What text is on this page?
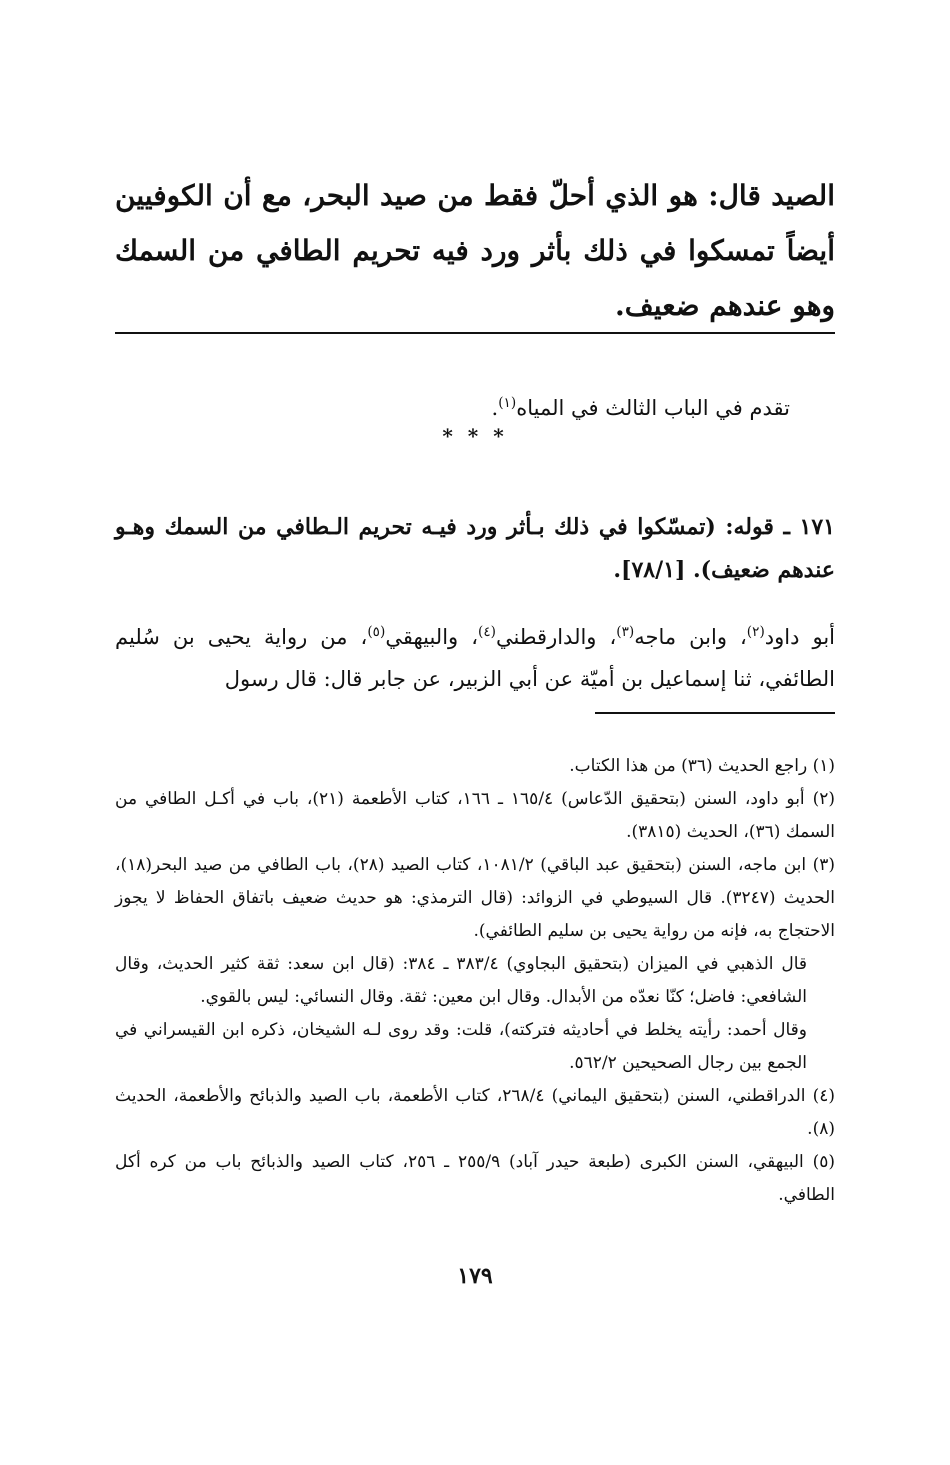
الصيد قال: هو الذي أحلّ فقط من صيد البحر، مع أن الكوفيين أيضاً تمسكوا في ذلك بأثر ورد فيه تحريم الطافي من السمك وهو عندهم ضعيف.

تقدم في الباب الثالث في المياه$^{(١)}$.

* * *

١٧١ ـ قوله: (تمسّكوا في ذلك بـأثر ورد فيـه تحريم الـطافي من السمك وهـو عندهم ضعيف). [٧٨/١].

أبو داود$^{(٢)}$، وابن ماجه$^{(٣)}$، والدارقطني$^{(٤)}$، والبيهقي$^{(٥)}$، من رواية يحيى بن سُليم الطائفي، ثنا إسماعيل بن أميّة عن أبي الزبير، عن جابر قال: قال رسول

(١) راجع الحديث (٣٦) من هذا الكتاب.

(٢) أبو داود، السنن (بتحقيق الدّعاس) ١٦٥/٤ ـ ١٦٦، كتاب الأطعمة (٢١)، باب في أكـل الطافي من السمك (٣٦)، الحديث (٣٨١٥).

(٣) ابن ماجه، السنن (بتحقيق عبد الباقي) ١٠٨١/٢، كتاب الصيد (٢٨)، باب الطافي من صيد البحر(١٨)، الحديث (٣٢٤٧). قال السيوطي في الزوائد: (قال الترمذي: هو حديث ضعيف باتفاق الحفاظ لا يجوز الاحتجاج به، فإنه من رواية يحيى بن سليم الطائفي).

قال الذهبي في الميزان (بتحقيق البجاوي) ٣٨٣/٤ ـ ٣٨٤: (قال ابن سعد: ثقة كثير الحديث، وقال الشافعي: فاضل؛ كنّا نعدّه من الأبدال. وقال ابن معين: ثقة. وقال النسائي: ليس بالقوي.

وقال أحمد: رأيته يخلط في أحاديثه فتركته)، قلت: وقد روى لـه الشيخان، ذكره ابن القيسراني في الجمع بين رجال الصحيحين ٥٦٢/٢.

(٤) الدراقطني، السنن (بتحقيق اليماني) ٢٦٨/٤، كتاب الأطعمة، باب الصيد والذبائح والأطعمة، الحديث (٨).

(٥) البيهقي، السنن الكبرى (طبعة حيدر آباد) ٢٥٥/٩ ـ ٢٥٦، كتاب الصيد والذبائح باب من كره أكل الطافي.

١٧٩
